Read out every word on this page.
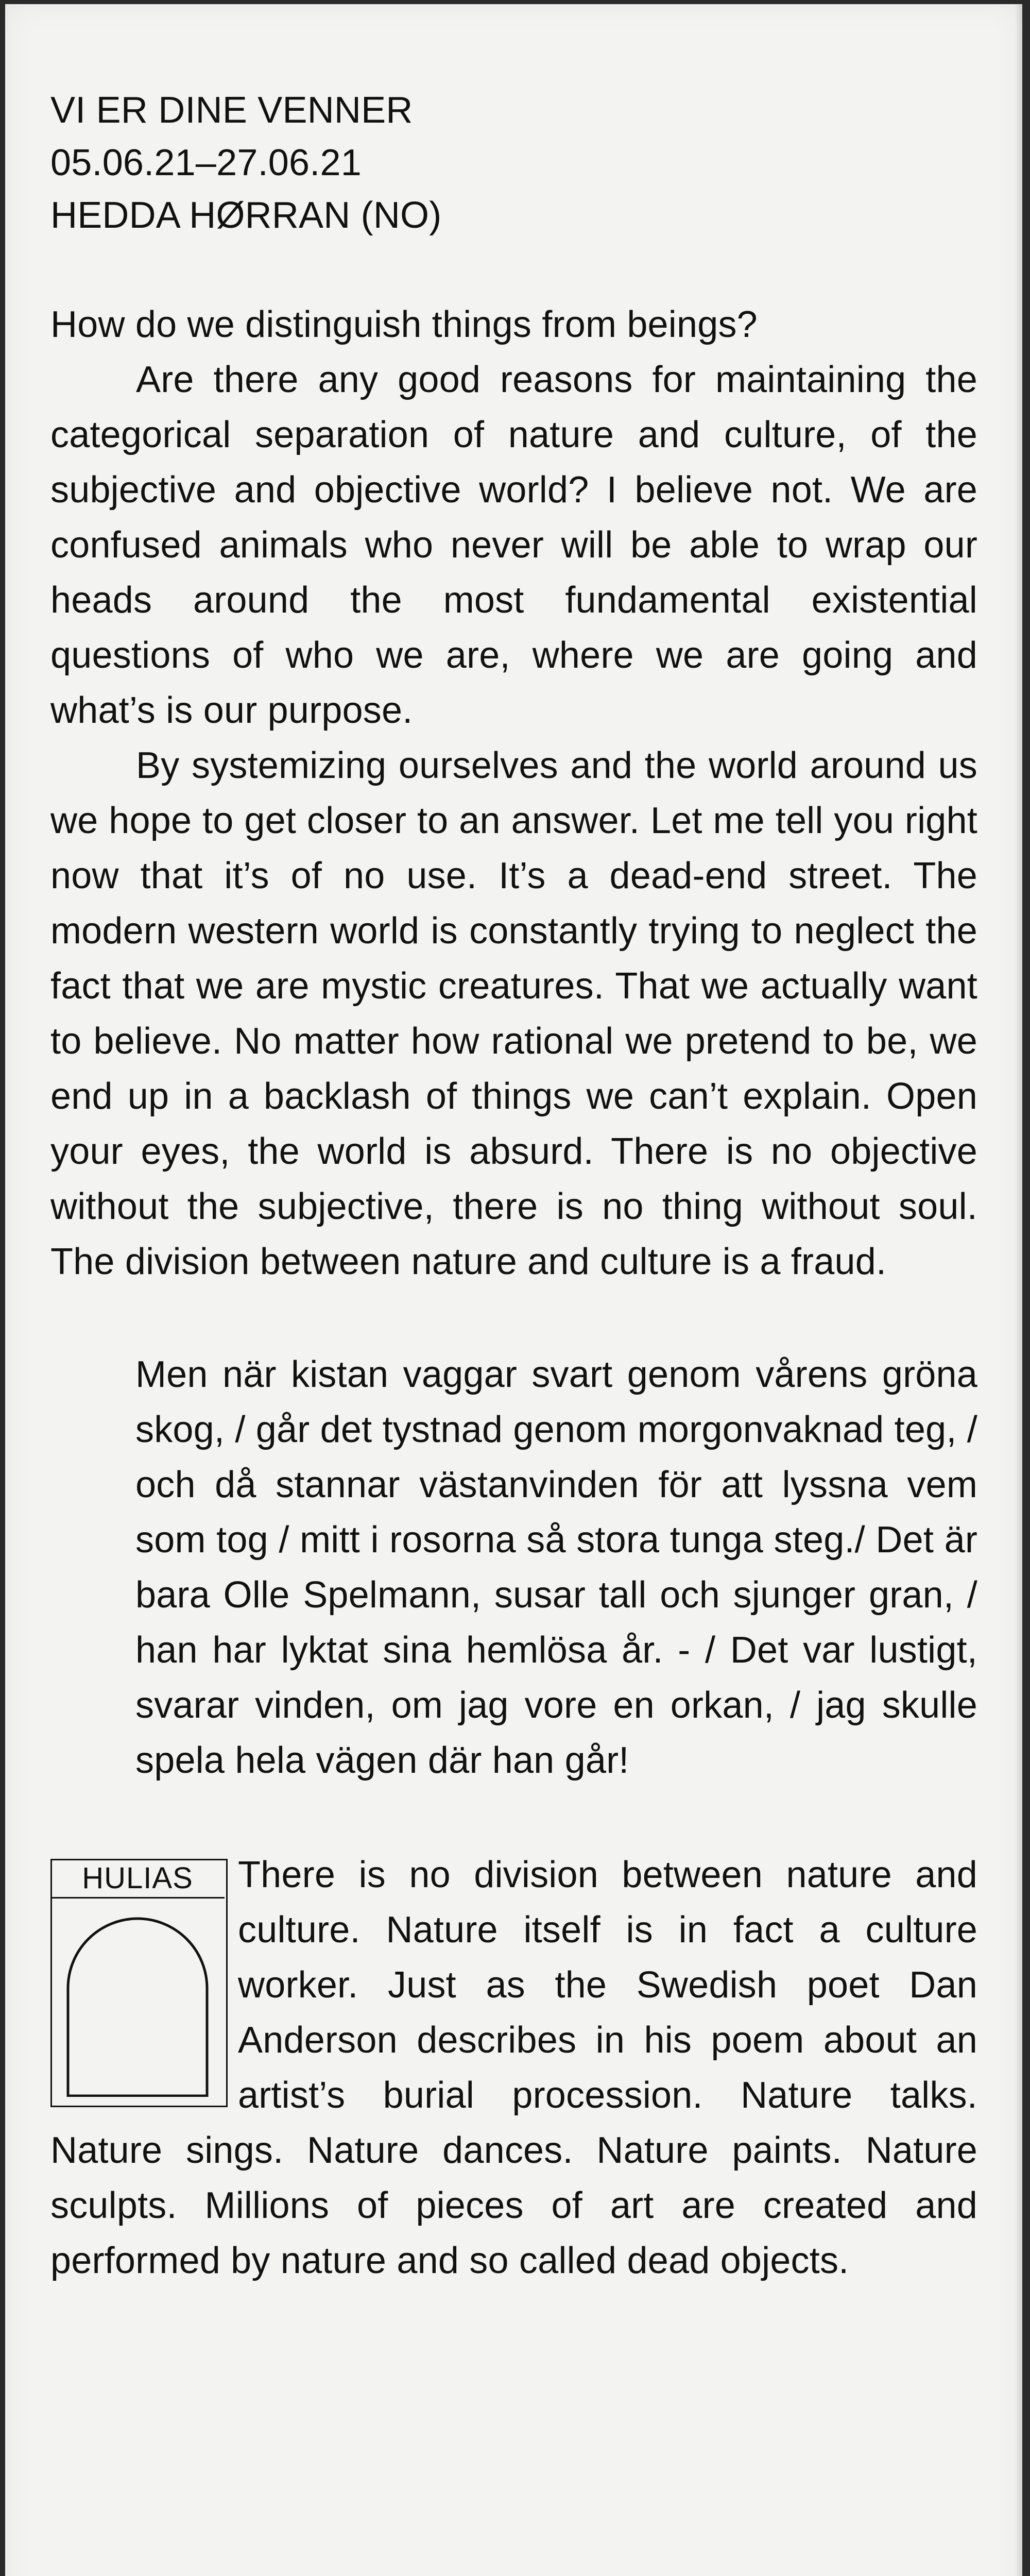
VI ER DINE VENNER

05.06.21–27.06.21

HEDDA HØRRAN (NO)

How do we distinguish things from beings?

Are there any good reasons for maintaining the categorical separation of nature and culture, of the subjective and objective world? I believe not. We are confused animals who never will be able to wrap our heads around the most fundamental existential questions of who we are, where we are going and what’s is our purpose.

By systemizing ourselves and the world around us we hope to get closer to an answer. Let me tell you right now that it’s of no use. It’s a dead-end street. The modern western world is constantly trying to neglect the fact that we are mystic creatures. That we actually want to believe. No matter how rational we pretend to be, we end up in a backlash of things we can’t explain. Open your eyes, the world is absurd. There is no objective without the subjective, there is no thing without soul. The division between nature and culture is a fraud.

Men när kistan vaggar svart genom vårens gröna skog, / går det tystnad genom morgonvaknad teg, / och då stannar västanvinden för att lyssna vem som tog / mitt i rosorna så stora tunga steg./ Det är bara Olle Spelmann, susar tall och sjunger gran, / han har lyktat sina hemlösa år. - / Det var lustigt, svarar vinden, om jag vore en orkan, / jag skulle spela hela vägen där han går!

HULIAS	There is no division between nature and culture. Nature itself is in fact a culture worker. Just as the Swedish poet Dan Anderson describes in his poem about an artist’s burial procession. Nature talks. Nature sings. Nature dances. Nature paints. Nature sculpts. Millions of pieces of art are created and performed by nature and so called dead objects.
